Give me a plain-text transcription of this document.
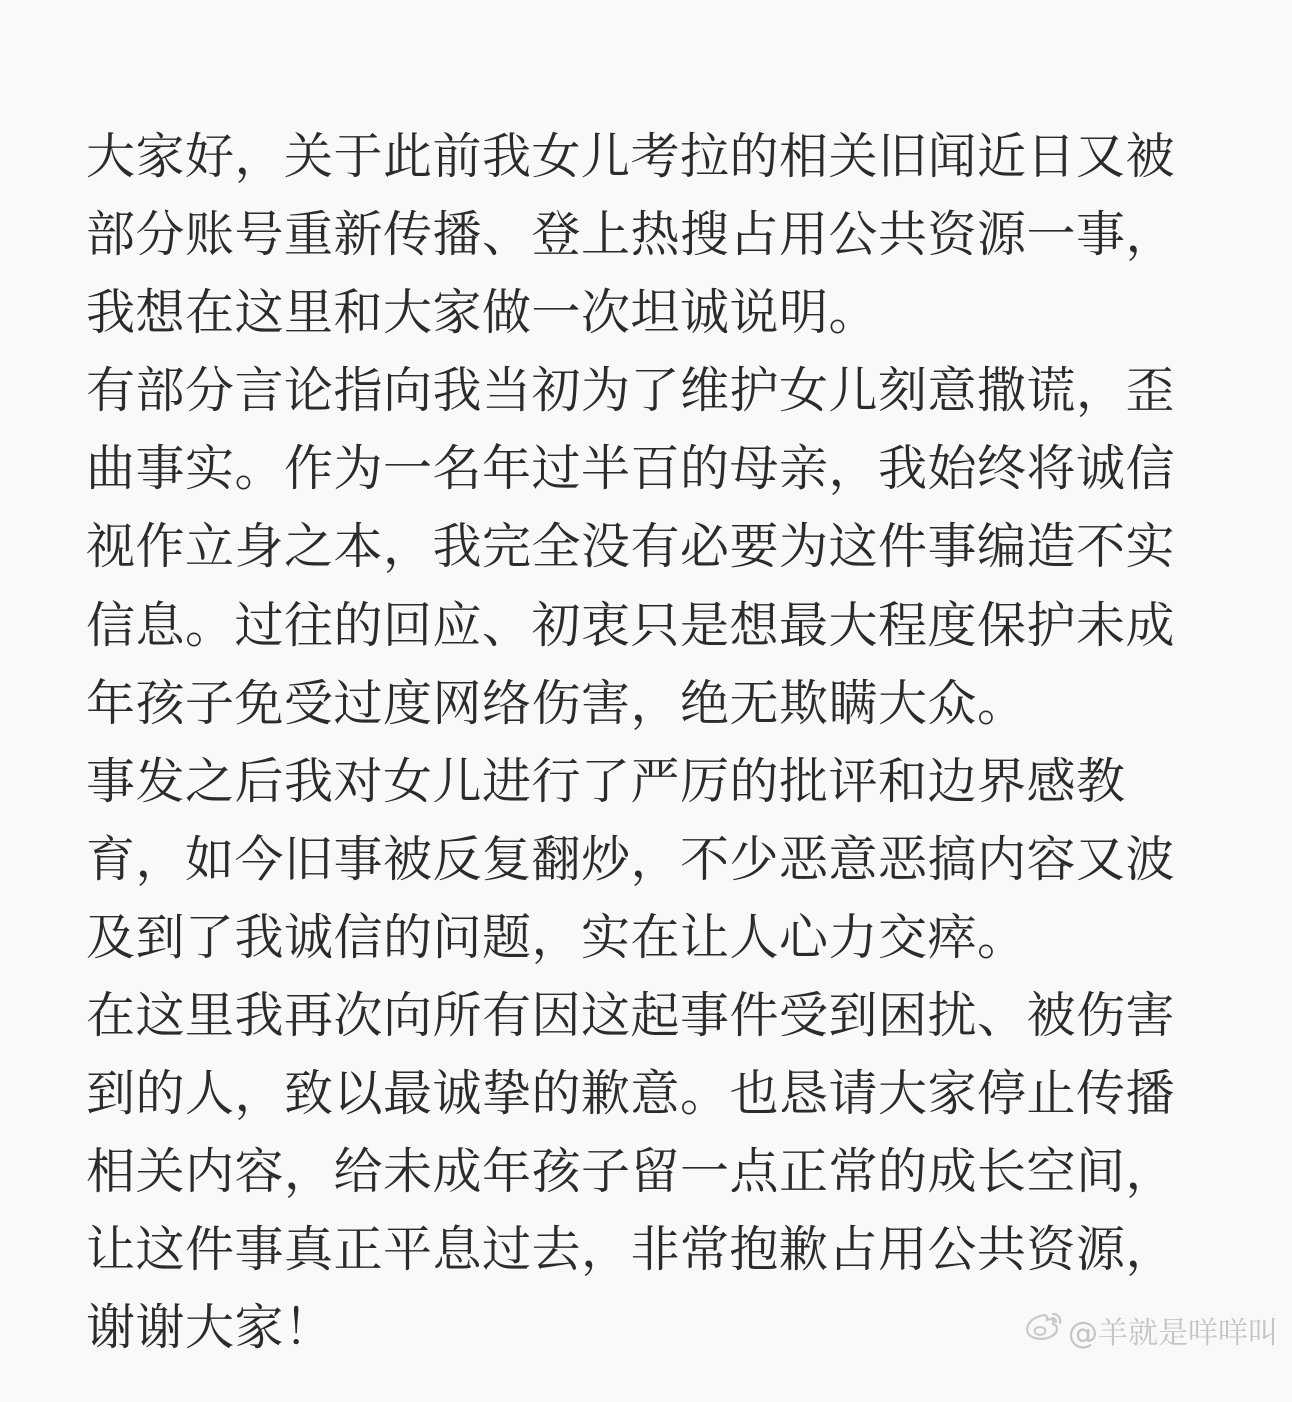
大家好，关于此前我女儿考拉的相关旧闻近日又被
部分账号重新传播、登上热搜占用公共资源一事，
我想在这里和大家做一次坦诚说明。
有部分言论指向我当初为了维护女儿刻意撒谎，歪
曲事实。作为一名年过半百的母亲，我始终将诚信
视作立身之本，我完全没有必要为这件事编造不实
信息。过往的回应、初衷只是想最大程度保护未成
年孩子免受过度网络伤害，绝无欺瞒大众。
事发之后我对女儿进行了严厉的批评和边界感教
育，如今旧事被反复翻炒，不少恶意恶搞内容又波
及到了我诚信的问题，实在让人心力交瘁。
在这里我再次向所有因这起事件受到困扰、被伤害
到的人，致以最诚挚的歉意。也恳请大家停止传播
相关内容，给未成年孩子留一点正常的成长空间，
让这件事真正平息过去，非常抱歉占用公共资源，
谢谢大家！	@羊就是咩咩叫
